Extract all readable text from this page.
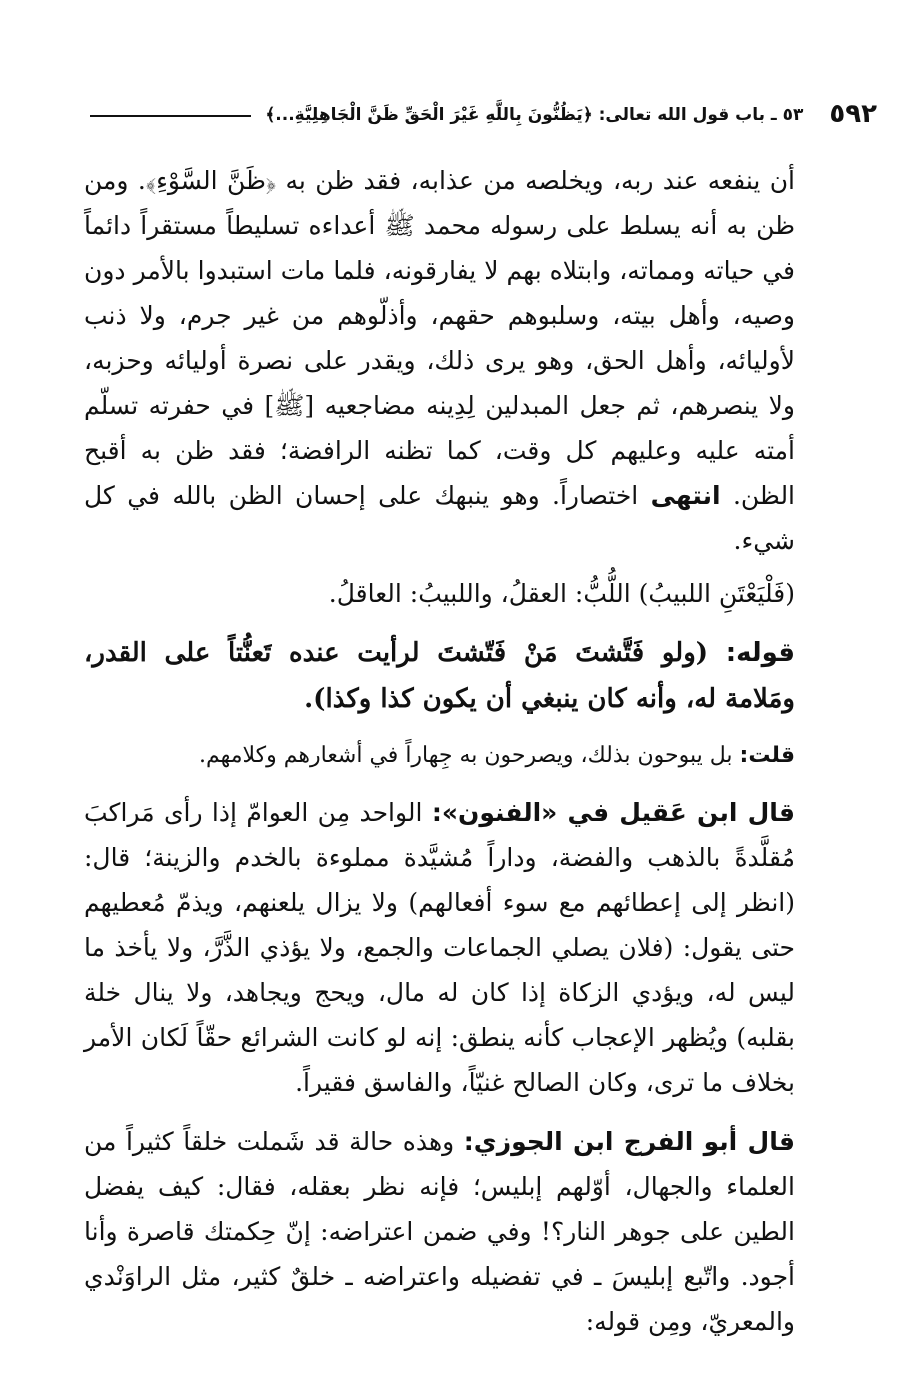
٥٩٢
٥٣ ـ باب قول الله تعالى: ﴿يَظُنُّونَ بِاللَّهِ غَيْرَ الْحَقِّ ظَنَّ الْجَاهِلِيَّةِ...﴾

أن ينفعه عند ربه، ويخلصه من عذابه، فقد ظن به ﴿ظَنَّ السَّوْءِ﴾. ومن ظن به أنه يسلط على رسوله محمد ﷺ أعداءه تسليطاً مستقراً دائماً في حياته ومماته، وابتلاه بهم لا يفارقونه، فلما مات استبدوا بالأمر دون وصيه، وأهل بيته، وسلبوهم حقهم، وأذلّوهم من غير جرم، ولا ذنب لأوليائه، وأهل الحق، وهو يرى ذلك، ويقدر على نصرة أوليائه وحزبه، ولا ينصرهم، ثم جعل المبدلين لِدِينه مضاجعيه [ﷺ] في حفرته تسلّم أمته عليه وعليهم كل وقت، كما تظنه الرافضة؛ فقد ظن به أقبح الظن. انتهى اختصاراً. وهو ينبهك على إحسان الظن بالله في كل شيء.

(فَلْيَعْتَنِ اللبيبُ) اللُّبُّ: العقلُ، واللبيبُ: العاقلُ.

قوله: (ولو فَتَّشتَ مَنْ فَتّشتَ لرأيت عنده تَعنُّتاً على القدر، ومَلامة له، وأنه كان ينبغي أن يكون كذا وكذا).

قلت: بل يبوحون بذلك، ويصرحون به جِهاراً في أشعارهم وكلامهم.

قال ابن عَقيل في «الفنون»: الواحد مِن العوامّ إذا رأى مَراكبَ مُقلَّدةً بالذهب والفضة، وداراً مُشيَّدة مملوءة بالخدم والزينة؛ قال: (انظر إلى إعطائهم مع سوء أفعالهم) ولا يزال يلعنهم، ويذمّ مُعطيهم حتى يقول: (فلان يصلي الجماعات والجمع، ولا يؤذي الذَّرَّ، ولا يأخذ ما ليس له، ويؤدي الزكاة إذا كان له مال، ويحج ويجاهد، ولا ينال خلة بقلبه) ويُظهر الإعجاب كأنه ينطق: إنه لو كانت الشرائع حقّاً لَكان الأمر بخلاف ما ترى، وكان الصالح غنيّاً، والفاسق فقيراً.

قال أبو الفرج ابن الجوزي: وهذه حالة قد شَملت خلقاً كثيراً من العلماء والجهال، أوّلهم إبليس؛ فإنه نظر بعقله، فقال: كيف يفضل الطين على جوهر النار؟! وفي ضمن اعتراضه: إنّ حِكمتك قاصرة وأنا أجود. واتّبع إبليسَ ـ في تفضيله واعتراضه ـ خلقٌ كثير، مثل الراوَنْدي والمعريّ، ومِن قوله:
